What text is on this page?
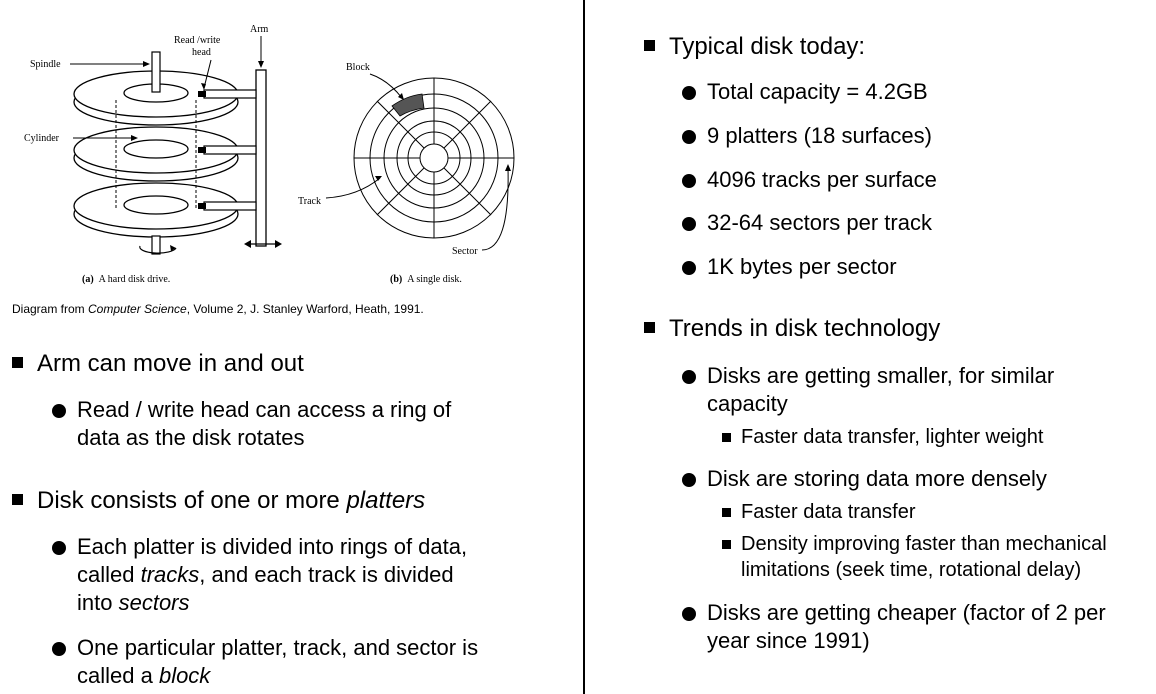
Spindle
Cylinder
Read /write
head
Arm
Block
Track
Sector
(a) A hard disk drive.	(b) A single disk.
Diagram from Computer Science, Volume 2, J. Stanley Warford, Heath, 1991.
Arm can move in and out
Read / write head can access a ring of
data as the disk rotates
Disk consists of one or more platters
Each platter is divided into rings of data,
called tracks, and each track is divided
into sectors
One particular platter, track, and sector is
called a block
Typical disk today:
Total capacity = 4.2GB
9 platters (18 surfaces)
4096 tracks per surface
32-64 sectors per track
1K bytes per sector
Trends in disk technology
Disks are getting smaller, for similar
capacity
Faster data transfer, lighter weight
Disk are storing data more densely
Faster data transfer
Density improving faster than mechanical
limitations (seek time, rotational delay)
Disks are getting cheaper (factor of 2 per
year since 1991)
